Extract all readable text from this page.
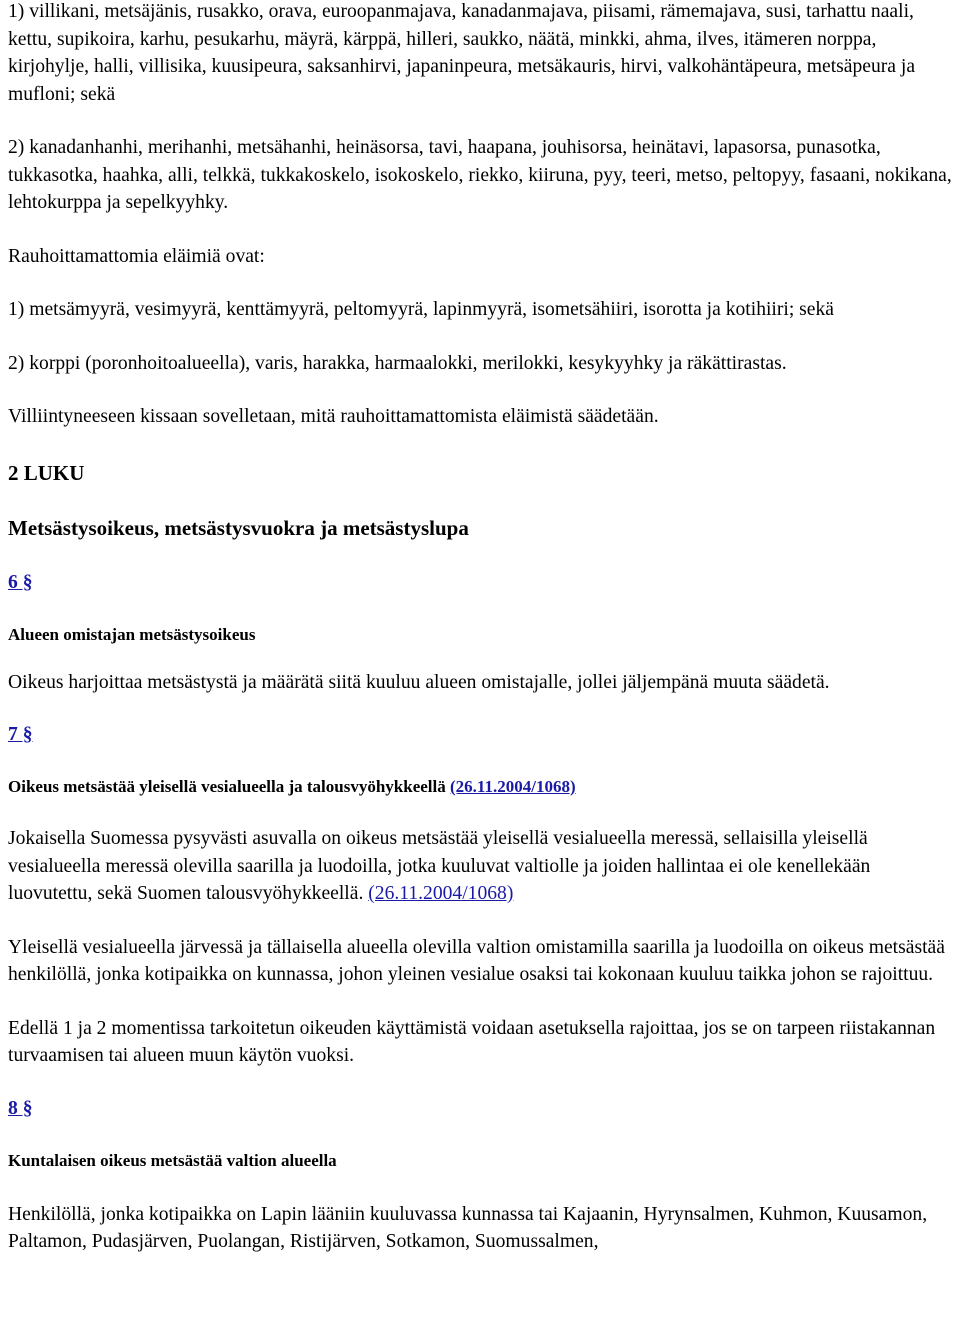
1) villikani, metsäjänis, rusakko, orava, euroopanmajava, kanadanmajava, piisami, rämemajava, susi, tarhattu naali, kettu, supikoira, karhu, pesukarhu, mäyrä, kärppä, hilleri, saukko, näätä, minkki, ahma, ilves, itämeren norppa, kirjohylje, halli, villisika, kuusipeura, saksanhirvi, japaninpeura, metsäkauris, hirvi, valkohäntäpeura, metsäpeura ja mufloni; sekä

2) kanadanhanhi, merihanhi, metsähanhi, heinäsorsa, tavi, haapana, jouhisorsa, heinätavi, lapasorsa, punasotka, tukkasotka, haahka, alli, telkkä, tukkakoskelo, isokoskelo, riekko, kiiruna, pyy, teeri, metso, peltopyy, fasaani, nokikana, lehtokurppa ja sepelkyyhky.

Rauhoittamattomia eläimiä ovat:

1) metsämyyrä, vesimyyrä, kenttämyyrä, peltomyyrä, lapinmyyrä, isometsähiiri, isorotta ja kotihiiri; sekä

2) korppi (poronhoitoalueella), varis, harakka, harmaalokki, merilokki, kesykyyhky ja räkättirastas.

Villiintyneeseen kissaan sovelletaan, mitä rauhoittamattomista eläimistä säädetään.

2 LUKU

Metsästysoikeus, metsästysvuokra ja metsästyslupa

6 §

Alueen omistajan metsästysoikeus

Oikeus harjoittaa metsästystä ja määrätä siitä kuuluu alueen omistajalle, jollei jäljempänä muuta säädetä.

7 §

Oikeus metsästää yleisellä vesialueella ja talousvyöhykkeellä (26.11.2004/1068)

Jokaisella Suomessa pysyvästi asuvalla on oikeus metsästää yleisellä vesialueella meressä, sellaisilla yleisellä vesialueella meressä olevilla saarilla ja luodoilla, jotka kuuluvat valtiolle ja joiden hallintaa ei ole kenellekään luovutettu, sekä Suomen talousvyöhykkeellä. (26.11.2004/1068)

Yleisellä vesialueella järvessä ja tällaisella alueella olevilla valtion omistamilla saarilla ja luodoilla on oikeus metsästää henkilöllä, jonka kotipaikka on kunnassa, johon yleinen vesialue osaksi tai kokonaan kuuluu taikka johon se rajoittuu.

Edellä 1 ja 2 momentissa tarkoitetun oikeuden käyttämistä voidaan asetuksella rajoittaa, jos se on tarpeen riistakannan turvaamisen tai alueen muun käytön vuoksi.

8 §

Kuntalaisen oikeus metsästää valtion alueella

Henkilöllä, jonka kotipaikka on Lapin lääniin kuuluvassa kunnassa tai Kajaanin, Hyrynsalmen, Kuhmon, Kuusamon, Paltamon, Pudasjärven, Puolangan, Ristijärven, Sotkamon, Suomussalmen,
